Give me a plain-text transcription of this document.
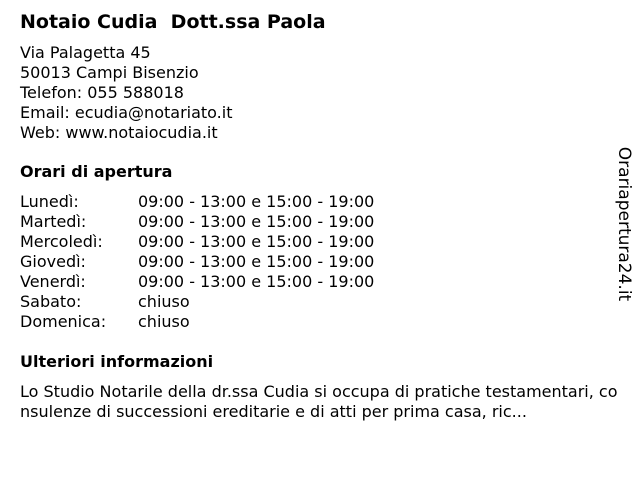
Notaio Cudia  Dott.ssa Paola
Via Palagetta 45
50013 Campi Bisenzio
Telefon: 055 588018
Email: ecudia@notariato.it
Web: www.notaiocudia.it
Orari di apertura
Lunedì:	09:00 - 13:00 e 15:00 - 19:00
Martedì:	09:00 - 13:00 e 15:00 - 19:00
Mercoledì: 09:00 - 13:00 e 15:00 - 19:00
Giovedì:	09:00 - 13:00 e 15:00 - 19:00
Venerdì:	09:00 - 13:00 e 15:00 - 19:00
Sabato:	chiuso
Domenica: chiuso
Ulteriori informazioni
Lo Studio Notarile della dr.ssa Cudia si occupa di pratiche testamentari, consulenze di successioni ereditarie e di atti per prima casa, ric...
Orariaperturа24.it
